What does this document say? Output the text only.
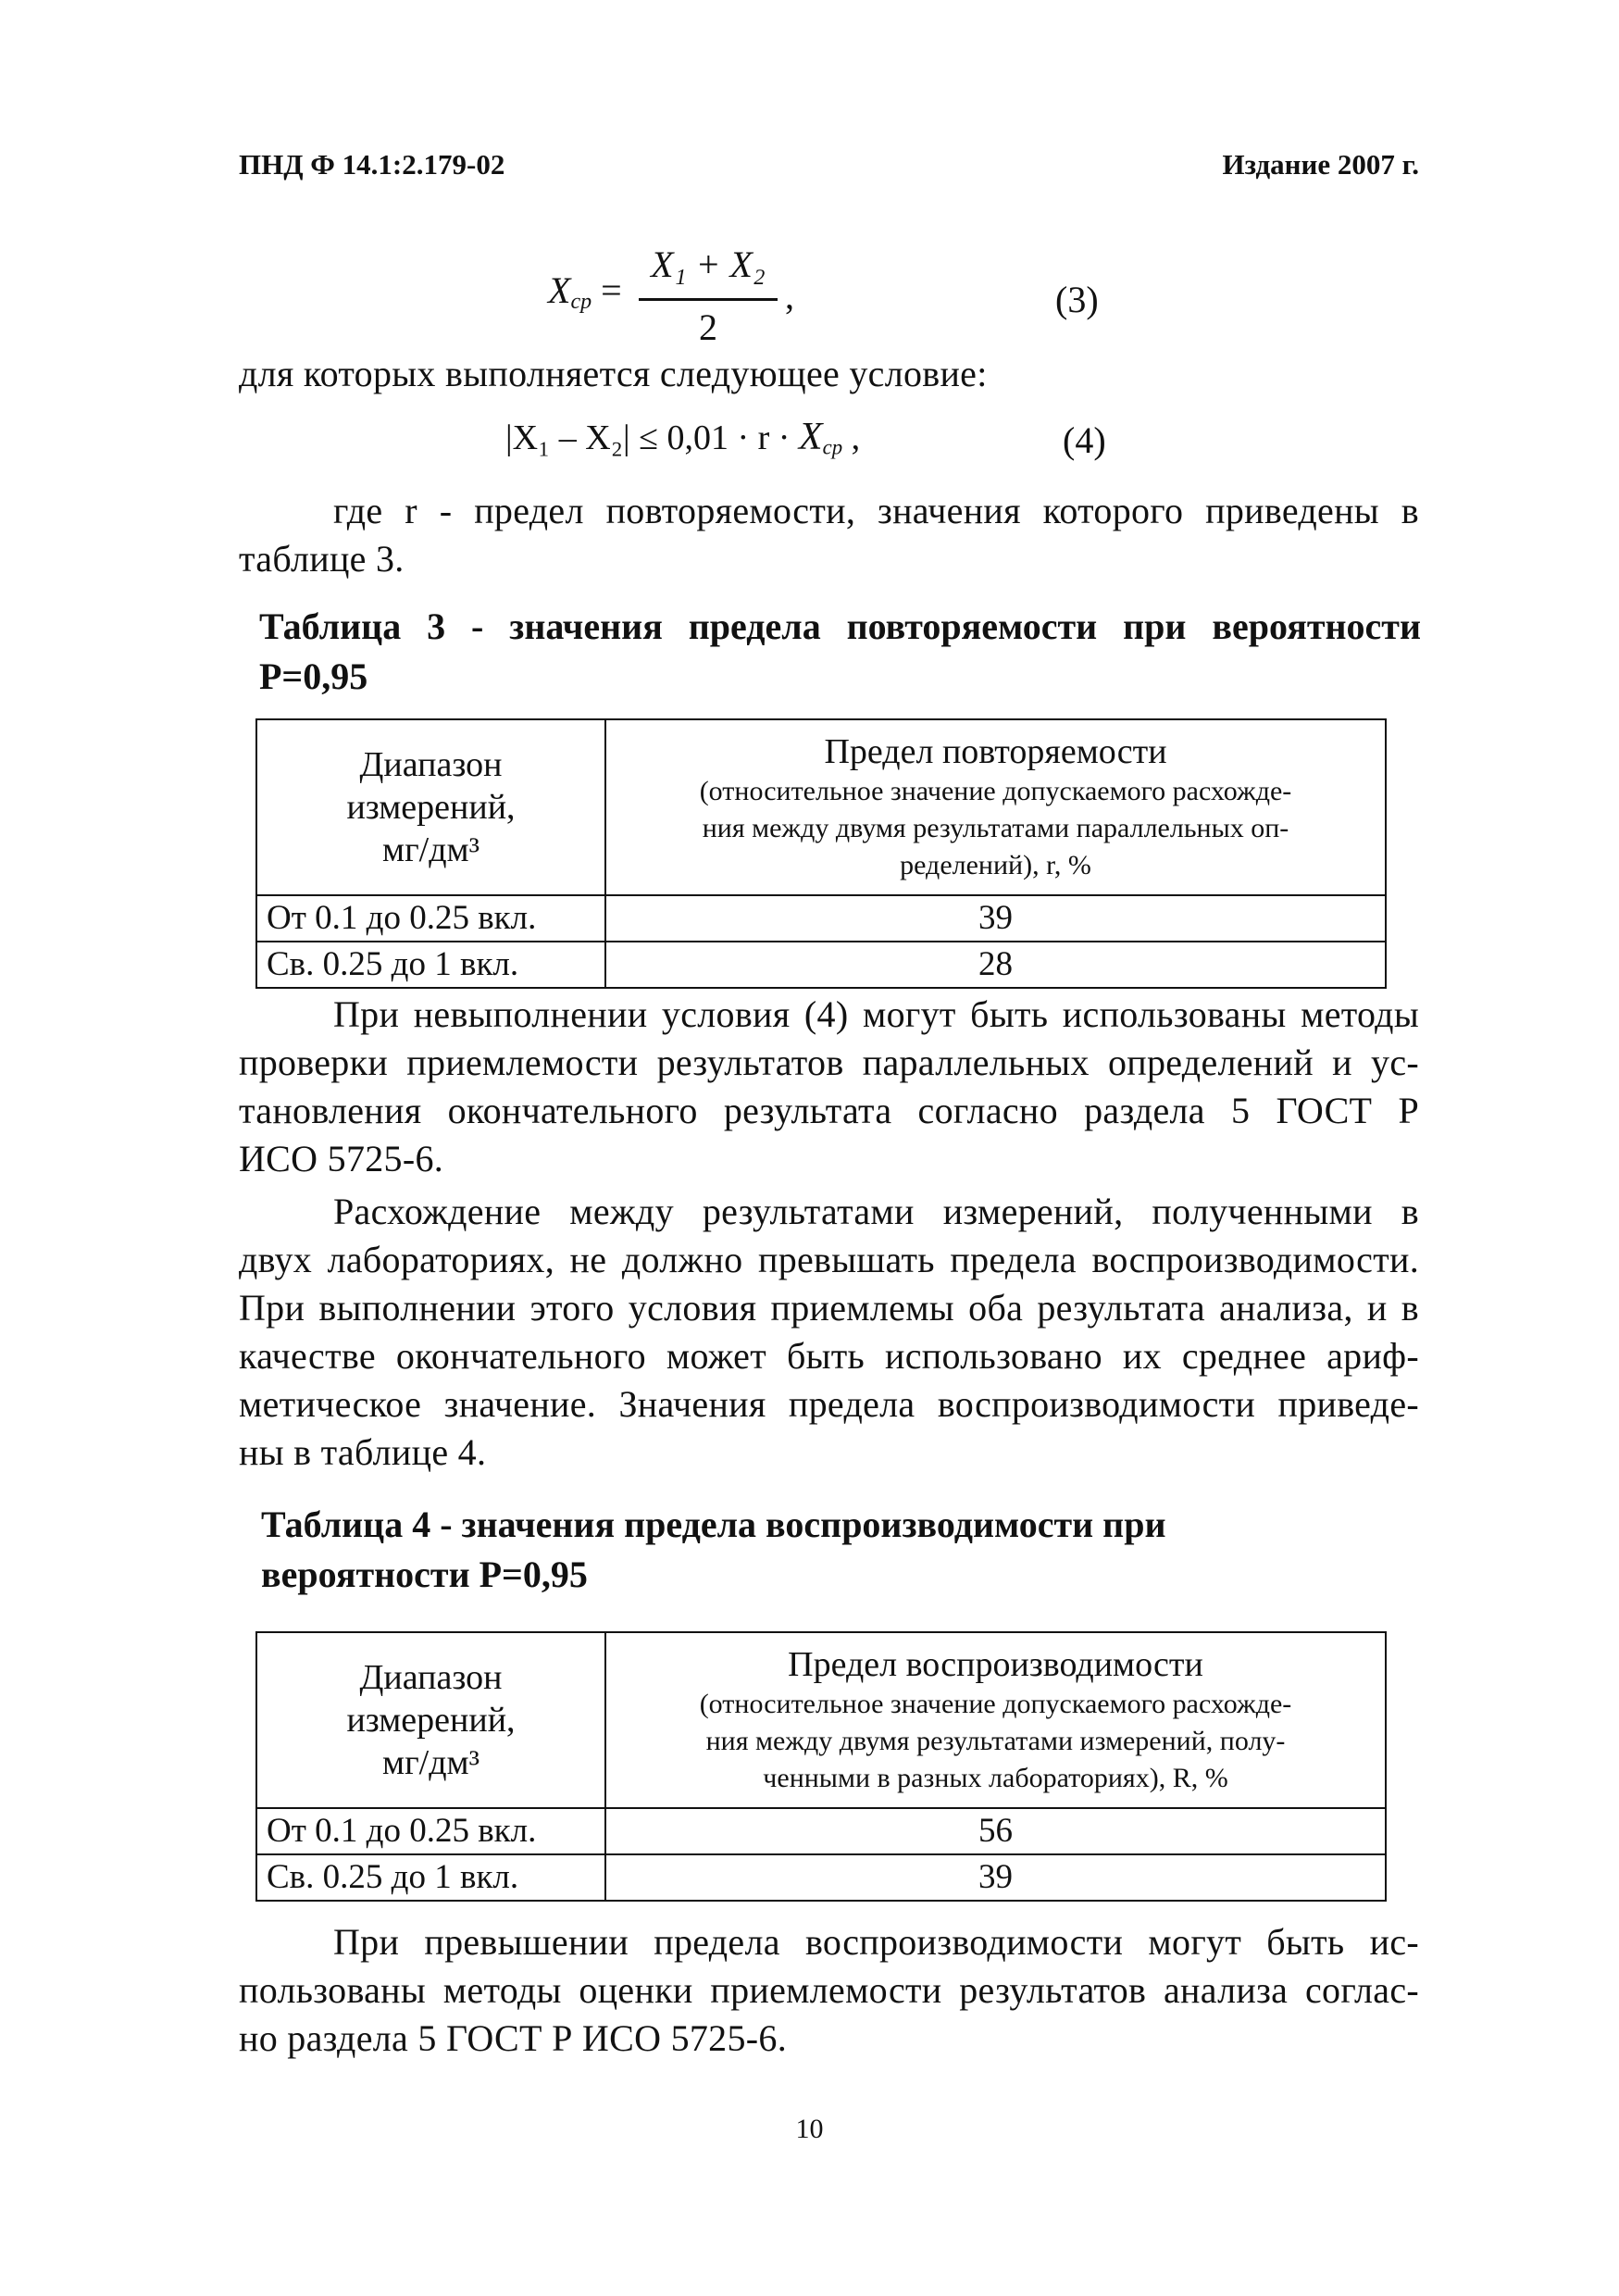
ПНД Ф 14.1:2.179-02	Издание 2007 г.
$X_{ср}$ =
X₁ + X₂
2
,	(3)
для которых выполняется следующее условие:
$|X_1 - X_2| \le 0,01 \cdot r \cdot X_{ср}$ ,	(4)
где r - предел повторяемости, значения которого приведены в
таблице 3.
Таблица 3 - значения предела повторяемости при вероятности
Р=0,95
Диапазон
измерений,
мг/дм³	Предел повторяемости
(относительное значение допускаемого расхожде-
ния между двумя результатами параллельных оп-
ределений), r, %

От 0.1 до 0.25 вкл.	39
Св. 0.25 до 1 вкл.	28
При невыполнении условия (4) могут быть использованы методы
проверки приемлемости результатов параллельных определений и ус-
тановления окончательного результата согласно раздела 5 ГОСТ Р
ИСО 5725-6.
Расхождение между результатами измерений, полученными в
двух лабораториях, не должно превышать предела воспроизводимости.
При выполнении этого условия приемлемы оба результата анализа, и в
качестве окончательного может быть использовано их среднее ариф-
метическое значение. Значения предела воспроизводимости приведе-
ны в таблице 4.
Таблица 4 - значения предела воспроизводимости при
вероятности Р=0,95
Диапазон
измерений,
мг/дм³	Предел воспроизводимости
(относительное значение допускаемого расхожде-
ния между двумя результатами измерений, полу-
ченными в разных лабораториях), R, %

От 0.1 до 0.25 вкл.	56
Св. 0.25 до 1 вкл.	39
При превышении предела воспроизводимости могут быть ис-
пользованы методы оценки приемлемости результатов анализа соглас-
но раздела 5 ГОСТ Р ИСО 5725-6.
10
